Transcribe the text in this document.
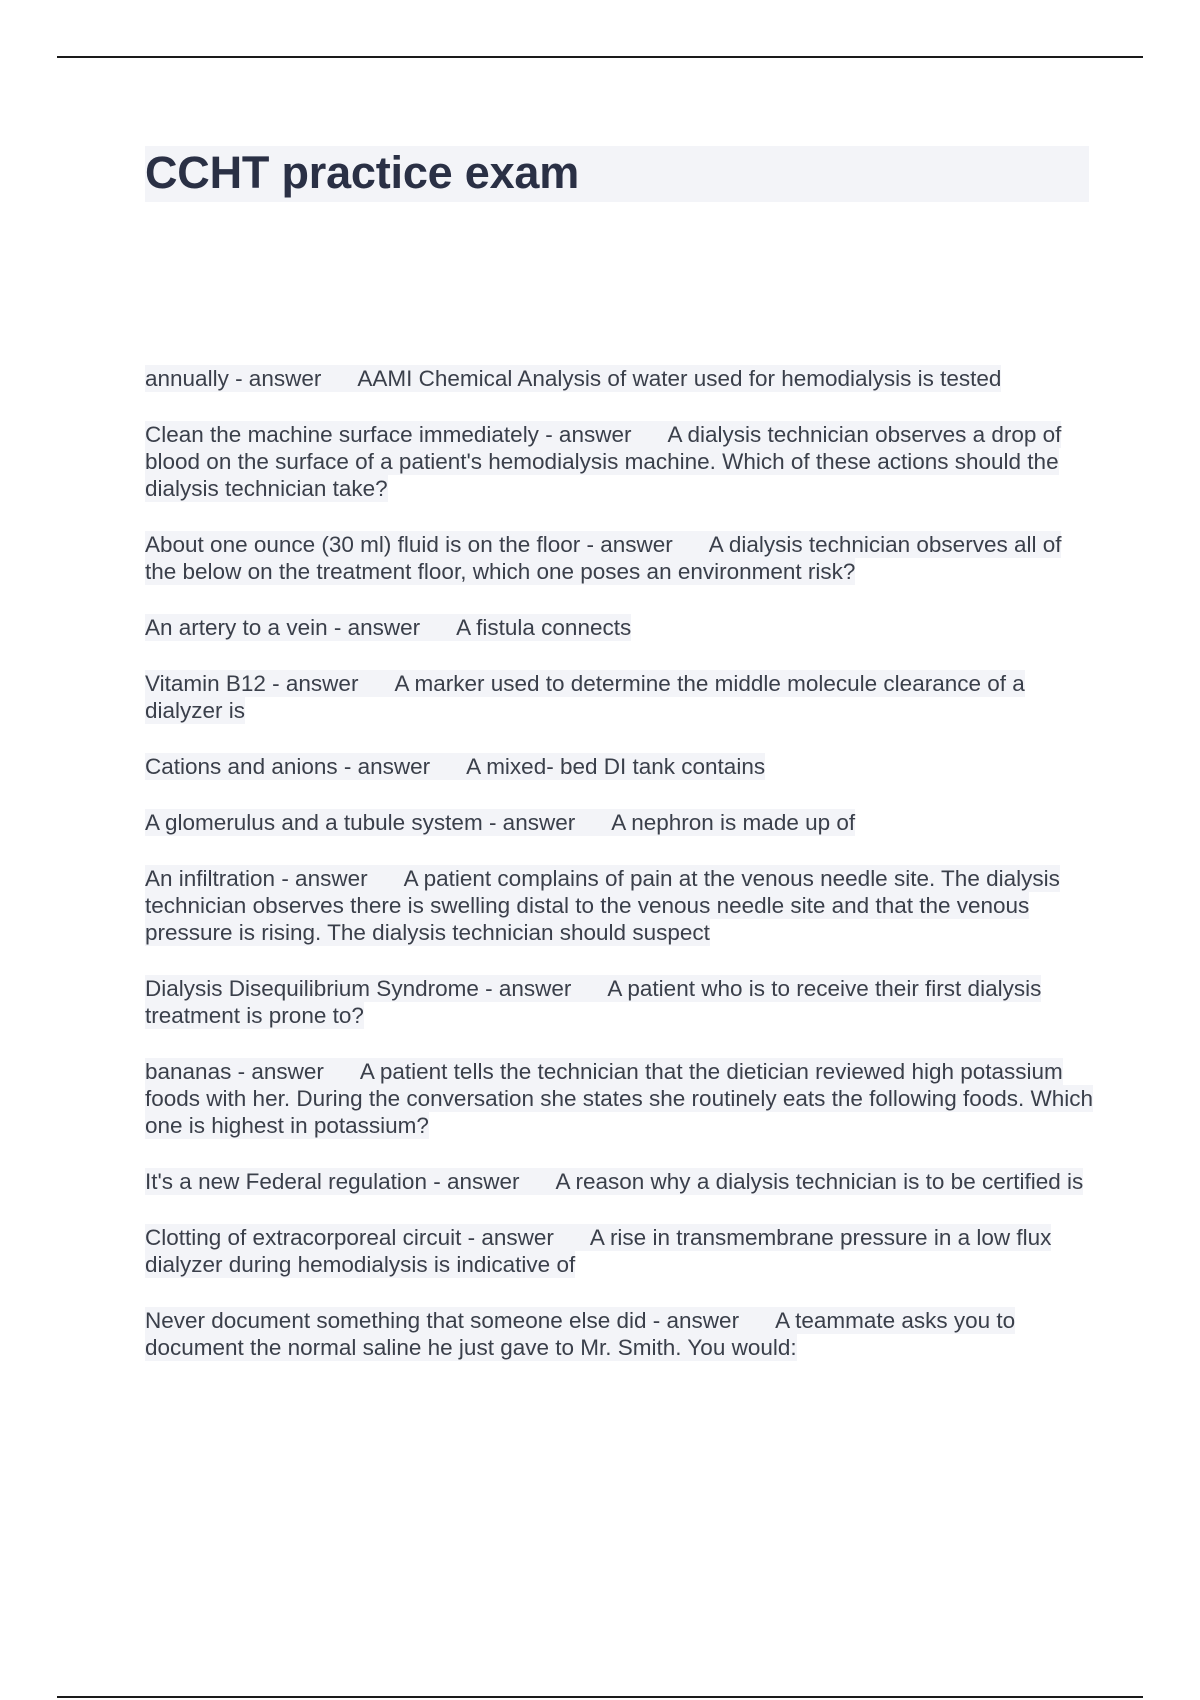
CCHT practice exam

annually - answer AAMI Chemical Analysis of water used for hemodialysis is tested

Clean the machine surface immediately - answer A dialysis technician observes a drop of blood on the surface of a patient's hemodialysis machine. Which of these actions should the dialysis technician take?

About one ounce (30 ml) fluid is on the floor - answer A dialysis technician observes all of the below on the treatment floor, which one poses an environment risk?

An artery to a vein - answer A fistula connects

Vitamin B12 - answer A marker used to determine the middle molecule clearance of a dialyzer is

Cations and anions - answer A mixed- bed DI tank contains

A glomerulus and a tubule system - answer A nephron is made up of

An infiltration - answer A patient complains of pain at the venous needle site. The dialysis technician observes there is swelling distal to the venous needle site and that the venous pressure is rising. The dialysis technician should suspect

Dialysis Disequilibrium Syndrome - answer A patient who is to receive their first dialysis treatment is prone to?

bananas - answer A patient tells the technician that the dietician reviewed high potassium foods with her. During the conversation she states she routinely eats the following foods. Which one is highest in potassium?

It's a new Federal regulation - answer A reason why a dialysis technician is to be certified is

Clotting of extracorporeal circuit - answer A rise in transmembrane pressure in a low flux dialyzer during hemodialysis is indicative of

Never document something that someone else did - answer A teammate asks you to document the normal saline he just gave to Mr. Smith. You would:
